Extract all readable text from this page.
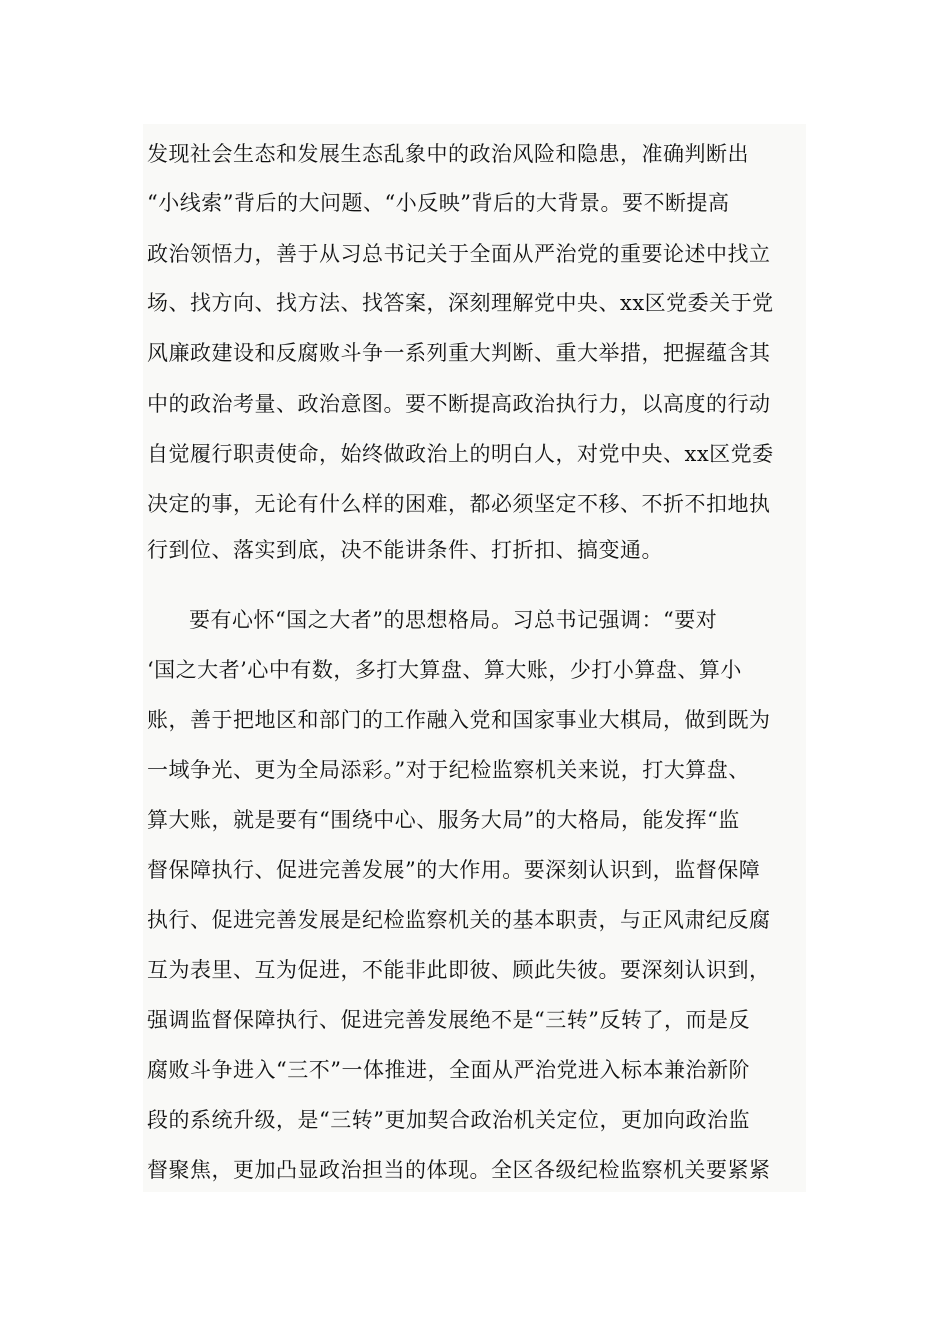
发现社会生态和发展生态乱象中的政治风险和隐患，准确判断出
“小线索”背后的大问题、“小反映”背后的大背景。要不断提高
政治领悟力，善于从习总书记关于全面从严治党的重要论述中找立
场、找方向、找方法、找答案，深刻理解党中央、xx区党委关于党
风廉政建设和反腐败斗争一系列重大判断、重大举措，把握蕴含其
中的政治考量、政治意图。要不断提高政治执行力，以高度的行动
自觉履行职责使命，始终做政治上的明白人，对党中央、xx区党委
决定的事，无论有什么样的困难，都必须坚定不移、不折不扣地执
行到位、落实到底，决不能讲条件、打折扣、搞变通。
要有心怀“国之大者”的思想格局。习总书记强调：“要对
‘国之大者’心中有数，多打大算盘、算大账，少打小算盘、算小
账，善于把地区和部门的工作融入党和国家事业大棋局，做到既为
一域争光、更为全局添彩。”对于纪检监察机关来说，打大算盘、
算大账，就是要有“围绕中心、服务大局”的大格局，能发挥“监
督保障执行、促进完善发展”的大作用。要深刻认识到，监督保障
执行、促进完善发展是纪检监察机关的基本职责，与正风肃纪反腐
互为表里、互为促进，不能非此即彼、顾此失彼。要深刻认识到，
强调监督保障执行、促进完善发展绝不是“三转”反转了，而是反
腐败斗争进入“三不”一体推进，全面从严治党进入标本兼治新阶
段的系统升级，是“三转”更加契合政治机关定位，更加向政治监
督聚焦，更加凸显政治担当的体现。全区各级纪检监察机关要紧紧
